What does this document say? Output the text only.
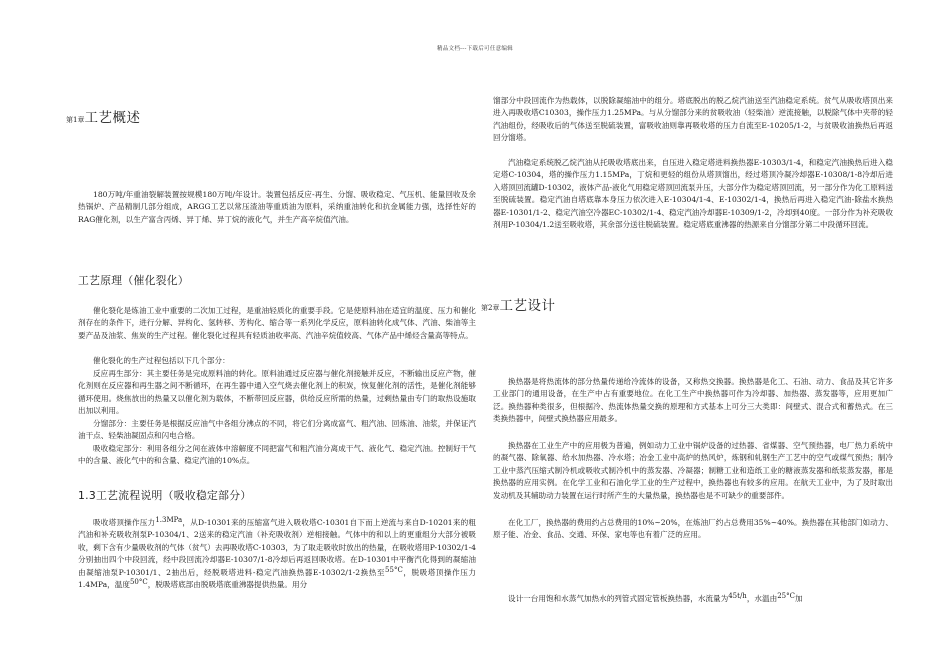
精品文档---下载后可任意编辑
第1章工艺概述

180万吨/年重油裂解装置按规模180万吨/年设计。装置包括反应-再生、分馏、吸收稳定、气压机、能量回收及余热锅炉、产品精制几部分组成，ARGG工艺以常压渣油等重质油为原料，采纳重油转化和抗金属能力强，选择性好的RAG催化剂，以生产富含丙烯、异丁烯、异丁烷的液化气，并生产高辛烷值汽油。

工艺原理（催化裂化）

催化裂化是炼油工业中重要的二次加工过程，是重油轻质化的重要手段。它是使原料油在适宜的温度、压力和催化剂存在的条件下，进行分解、异构化、氢转移、芳构化、缩合等一系列化学反应，原料油转化成气体、汽油、柴油等主要产品及油浆、焦炭的生产过程。催化裂化过程具有轻质油收率高、汽油辛烷值较高、气体产品中烯烃含量高等特点。

催化裂化的生产过程包括以下几个部分：

反应再生部分：其主要任务是完成原料油的转化。原料油通过反应器与催化剂接触并反应，不断输出反应产物，催化剂则在反应器和再生器之间不断循环，在再生器中通入空气烧去催化剂上的积炭，恢复催化剂的活性，是催化剂能够循环使用。烧焦放出的热量又以催化剂为载体，不断带回反应器，供给反应所需的热量，过剩热量由专门的取热设施取出加以利用。

分馏部分：主要任务是根据反应油气中各组分沸点的不同，将它们分离成富气、粗汽油、回炼油、油浆，并保证汽油干点、轻柴油凝固点和闪电合格。

吸收稳定部分：利用各组分之间在液体中溶解度不同把富气和粗汽油分离成干气、液化气、稳定汽油。控制好干气中的含量、液化气中的和含量、稳定汽油的10%点。

1.3工艺流程说明（吸收稳定部分）

吸收塔顶操作压力1.3MPa，从D-10301来的压缩富气进入吸收塔C-10301自下而上逆流与来自D-10201来的粗汽油和补充吸收剂泵P-10304/1、2送来的稳定汽油（补充吸收剂）逆相接触。气体中的和以上的更重组分大部分被吸收，剩下含有少量吸收剂的气体（贫气）去再吸收塔C-10303，为了取走吸收时放出的热量，在吸收塔用P-10302/1-4分别抽出四个中段回流，经中段回流冷却器E-10307/1-8冷却后再返回吸收塔。在D-10301中平衡汽化得到的凝缩油由凝缩油泵P-10301/1、2抽出后，经脱吸塔进料-稳定汽油换热器E-10302/1-2换热至55°C，脱吸塔顶操作压力1.4MPa，温度50°C，脱吸塔底部由脱吸塔底重沸器提供热量。用分

馏部分中段回流作为热载体，以脱除凝缩油中的组分。塔底脱出的脱乙烷汽油送至汽油稳定系统。贫气从吸收塔顶出来进入再吸收塔C10303，操作压力1.25MPa。与从分馏部分来的贫吸收油（轻柴油）逆流接触，以脱除气体中夹带的轻汽油组份，经吸收后的气体送至脱硫装置，富吸收油则靠再吸收塔的压力自流至E-10205/1-2，与贫吸收油换热后再返回分馏塔。

汽油稳定系统脱乙烷汽油从托吸收塔底出来，自压进入稳定塔进料换热器E-10303/1-4，和稳定汽油换热后进入稳定塔C-10304，塔的操作压力1.15MPa，丁烷和更轻的组份从塔顶馏出，经过塔顶冷凝冷却器E-10308/1-8冷却后进入塔顶回流罐D-10302，液体产品-液化气用稳定塔顶回流泵升压，大部分作为稳定塔顶回流，另一部分作为化工原料送至脱硫装置。稳定汽油自塔底靠本身压力依次进入E-10304/1-4、E-10302/1-4，换热后再进入稳定汽油-除盐水换热器E-10301/1-2、稳定汽油空冷器EC-10302/1-4、稳定汽油冷却器E-10309/1-2，冷却到40度。一部分作为补充吸收剂用P-10304/1.2送至吸收塔，其余部分送往脱硫装置。稳定塔底重沸器的热源来自分馏部分第二中段循环回流。

第2章工艺设计

换热器是将热流体的部分热量传递给冷流体的设备，又称热交换器。换热器是化工、石油、动力、食品及其它许多工业部门的通用设备，在生产中占有重要地位。在化工生产中换热器可作为冷却器、加热器、蒸发器等，应用更加广泛。换热器种类很多，但根据冷、热流体热量交换的原理和方式基本上可分三大类即：间壁式、混合式和蓄热式。在三类换热器中，间壁式换热器应用最多。

换热器在工业生产中的应用极为普遍，例如动力工业中锅炉设备的过热器、省煤器、空气预热器，电厂热力系统中的凝气器、除氧器、给水加热器、冷水塔；冶金工业中高炉的热风炉，炼钢和轧钢生产工艺中的空气或煤气预热；制冷工业中蒸汽压缩式制冷机或吸收式制冷机中的蒸发器、冷凝器；制糖工业和造纸工业的糖液蒸发器和纸浆蒸发器，都是换热器的应用实例。在化学工业和石油化学工业的生产过程中，换热器也有较多的应用。在航天工业中，为了及时取出发动机及其辅助动力装置在运行时所产生的大量热量，换热器也是不可缺少的重要部件。

在化工厂，换热器的费用约占总费用的10%~20%，在炼油厂约占总费用35%~40%。换热器在其他部门如动力、原子能、冶金、食品、交通、环保、家电等也有着广泛的应用。

设计一台用饱和水蒸气加热水的列管式固定管板换热器，水流量为45t/h，水温由25°C加
